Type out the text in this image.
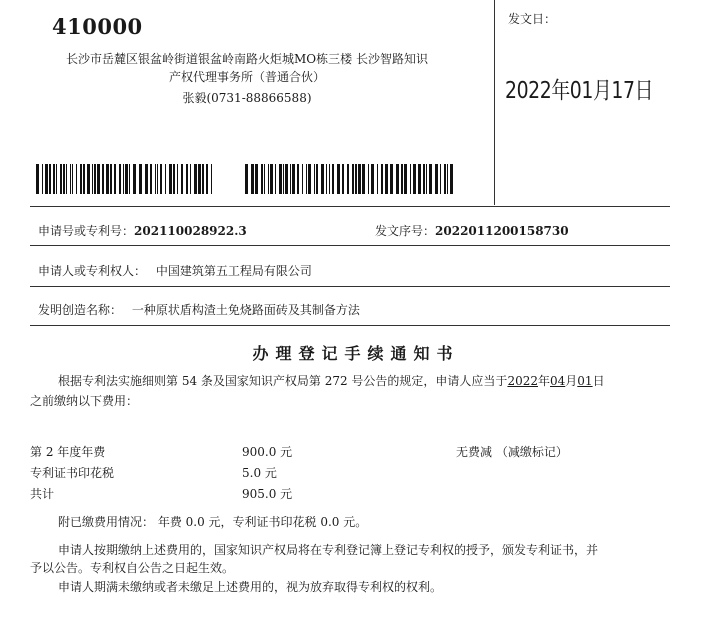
410000
长沙市岳麓区银盆岭街道银盆岭南路火炬城MO栋三楼 长沙智路知识
产权代理事务所（普通合伙）
张毅(0731-88866588)
发文日：
2022年01月17日
申请号或专利号：202110028922.3	发文序号：2022011200158730
申请人或专利权人： 中国建筑第五工程局有限公司
发明创造名称： 一种原状盾构渣土免烧路面砖及其制备方法
办理登记手续通知书
根据专利法实施细则第 54 条及国家知识产权局第 272 号公告的规定，申请人应当于2022年04月01日
之前缴纳以下费用：
第 2 年度年费	900.0 元	无费减 （减缴标记）
专利证书印花税	5.0 元
共计	905.0 元
附已缴费用情况： 年费 0.0 元，专利证书印花税 0.0 元。
申请人按期缴纳上述费用的，国家知识产权局将在专利登记簿上登记专利权的授予，颁发专利证书，并
予以公告。专利权自公告之日起生效。
申请人期满未缴纳或者未缴足上述费用的，视为放弃取得专利权的权利。
